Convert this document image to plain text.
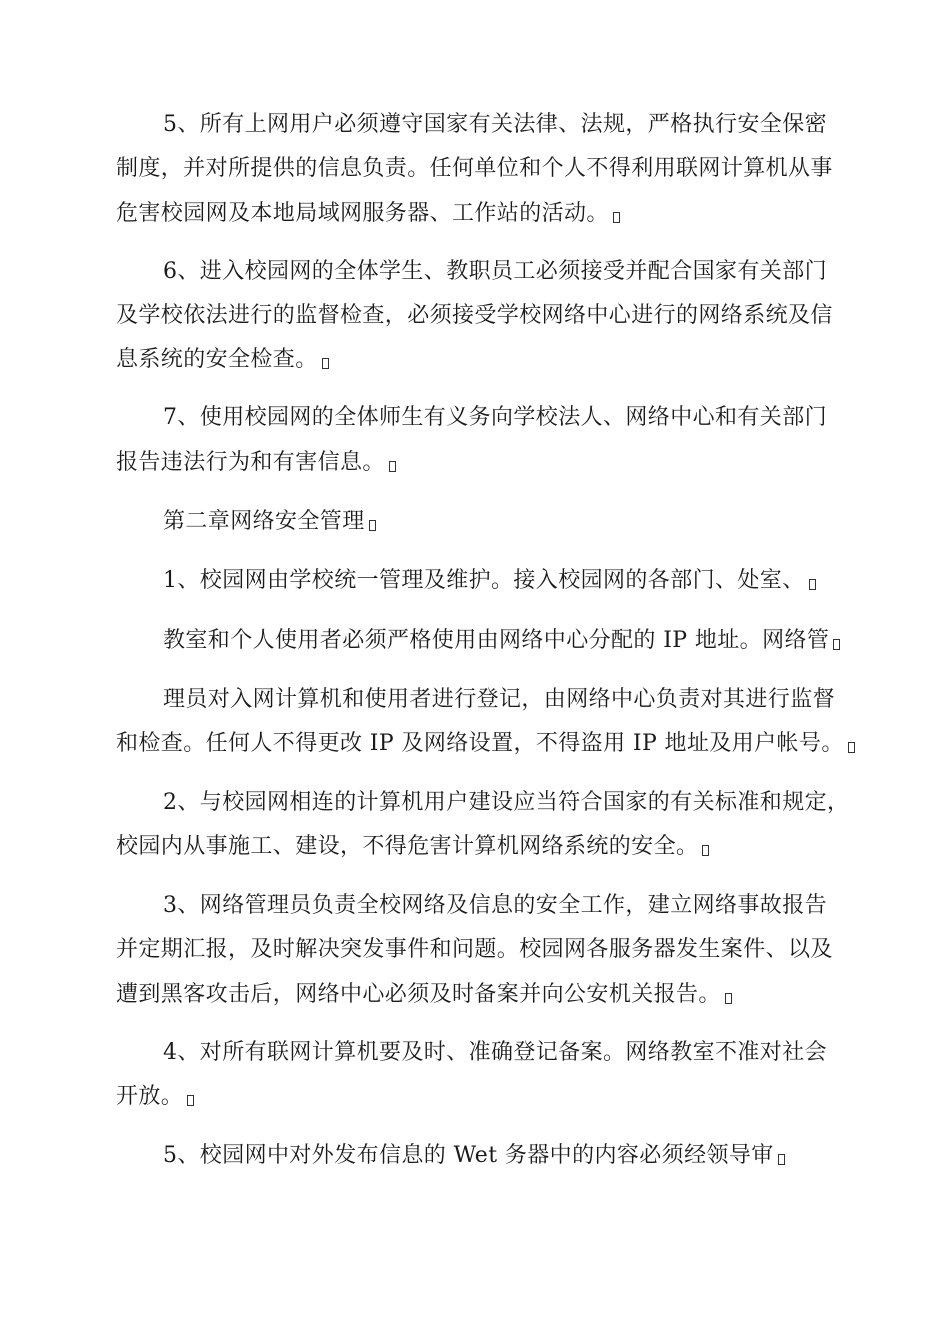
5、所有上网用户必须遵守国家有关法律、法规，严格执行安全保密
制度，并对所提供的信息负责。任何单位和个人不得利用联网计算机从事
危害校园网及本地局域网服务器、工作站的活动。
6、进入校园网的全体学生、教职员工必须接受并配合国家有关部门
及学校依法进行的监督检查，必须接受学校网络中心进行的网络系统及信
息系统的安全检查。
7、使用校园网的全体师生有义务向学校法人、网络中心和有关部门
报告违法行为和有害信息。
第二章网络安全管理
1、校园网由学校统一管理及维护。接入校园网的各部门、处室、
教室和个人使用者必须严格使用由网络中心分配的 IP 地址。网络管
理员对入网计算机和使用者进行登记，由网络中心负责对其进行监督
和检查。任何人不得更改 IP 及网络设置，不得盗用 IP 地址及用户帐号。
2、与校园网相连的计算机用户建设应当符合国家的有关标准和规定，
校园内从事施工、建设，不得危害计算机网络系统的安全。
3、网络管理员负责全校网络及信息的安全工作，建立网络事故报告
并定期汇报，及时解决突发事件和问题。校园网各服务器发生案件、以及
遭到黑客攻击后，网络中心必须及时备案并向公安机关报告。
4、对所有联网计算机要及时、准确登记备案。网络教室不准对社会
开放。
5、校园网中对外发布信息的 Wet 务器中的内容必须经领导审
